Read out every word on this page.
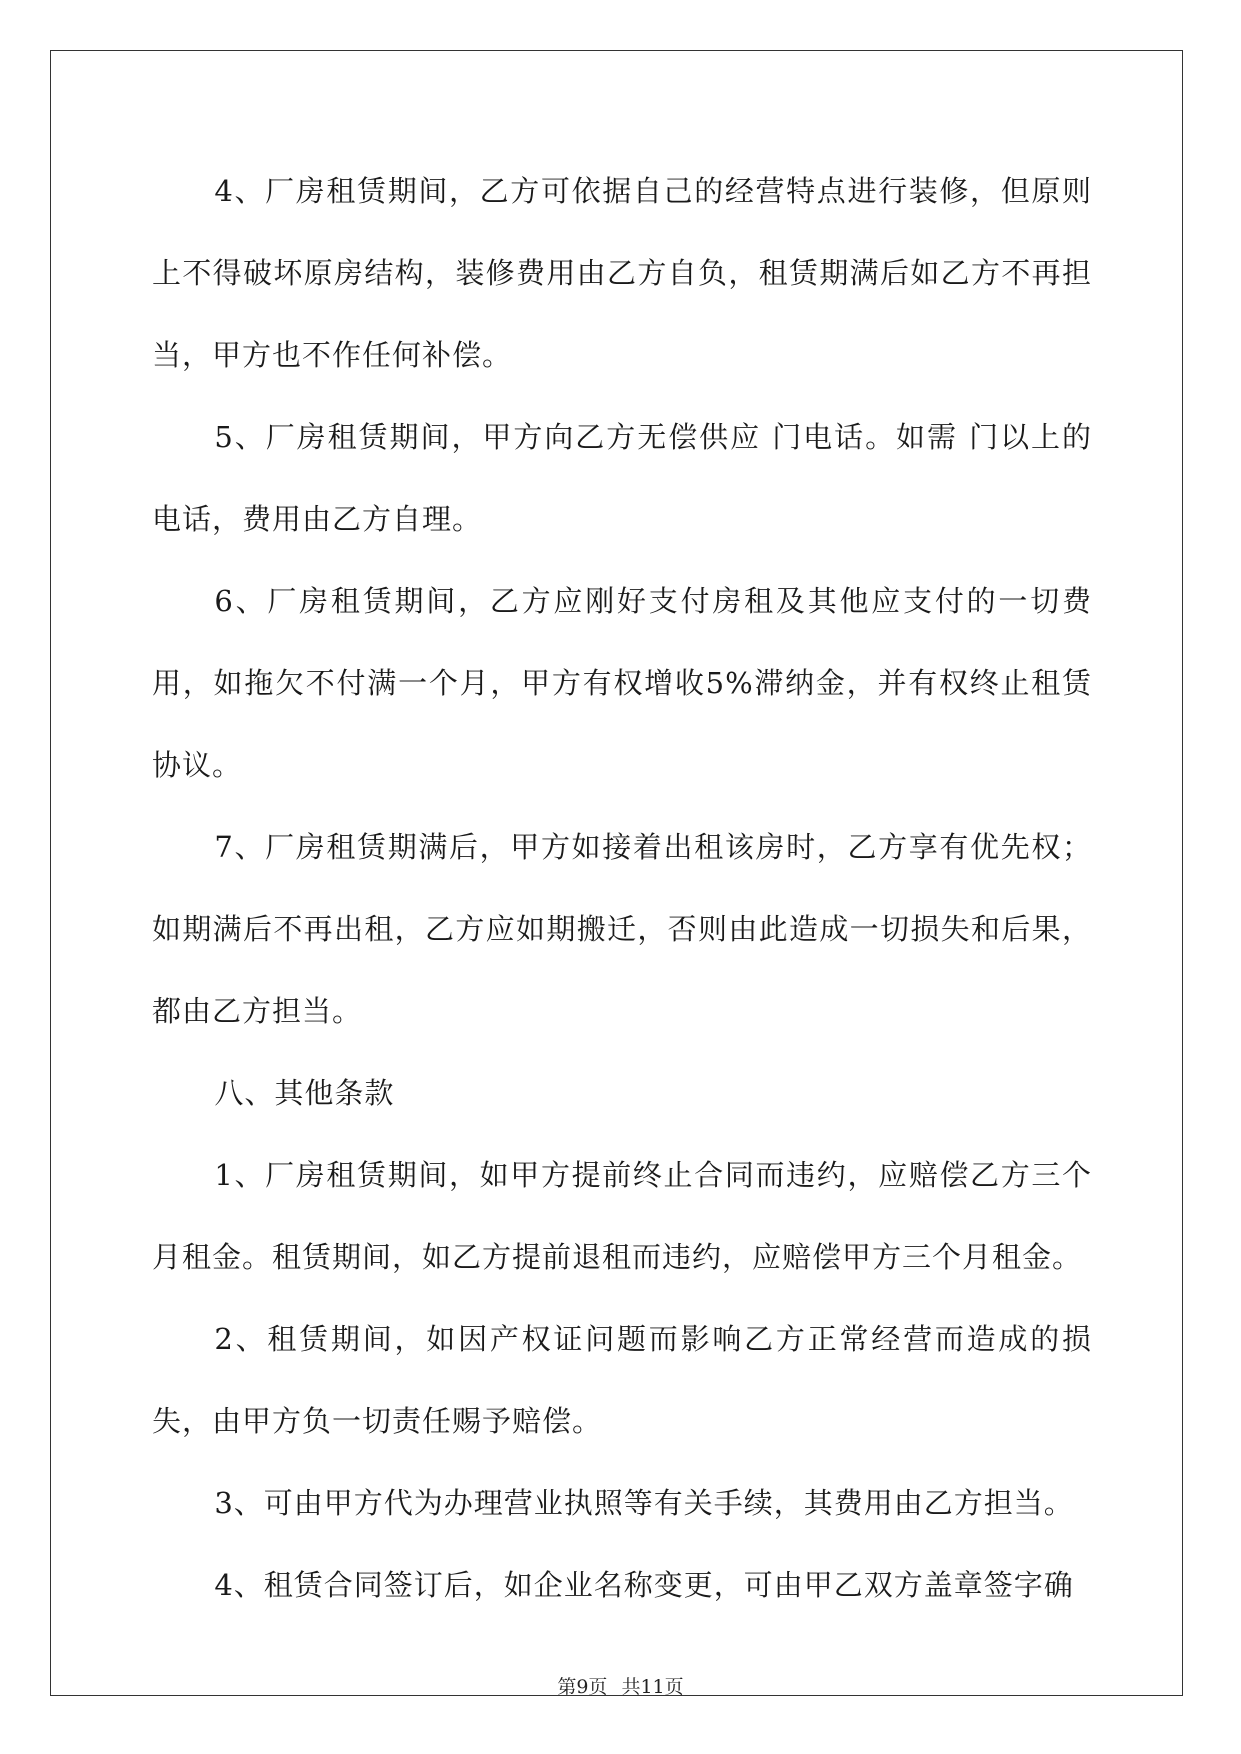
4、厂房租赁期间，乙方可依据自己的经营特点进行装修，但原则上不得破坏原房结构，装修费用由乙方自负，租赁期满后如乙方不再担当，甲方也不作任何补偿。

5、厂房租赁期间，甲方向乙方无偿供应 门电话。如需 门以上的电话，费用由乙方自理。

6、厂房租赁期间，乙方应刚好支付房租及其他应支付的一切费用，如拖欠不付满一个月，甲方有权增收5%滞纳金，并有权终止租赁协议。

7、厂房租赁期满后，甲方如接着出租该房时，乙方享有优先权；如期满后不再出租，乙方应如期搬迁，否则由此造成一切损失和后果，都由乙方担当。

八、其他条款

1、厂房租赁期间，如甲方提前终止合同而违约，应赔偿乙方三个月租金。租赁期间，如乙方提前退租而违约，应赔偿甲方三个月租金。

2、租赁期间，如因产权证问题而影响乙方正常经营而造成的损失，由甲方负一切责任赐予赔偿。

3、可由甲方代为办理营业执照等有关手续，其费用由乙方担当。

4、租赁合同签订后，如企业名称变更，可由甲乙双方盖章签字确

第9页 共11页
